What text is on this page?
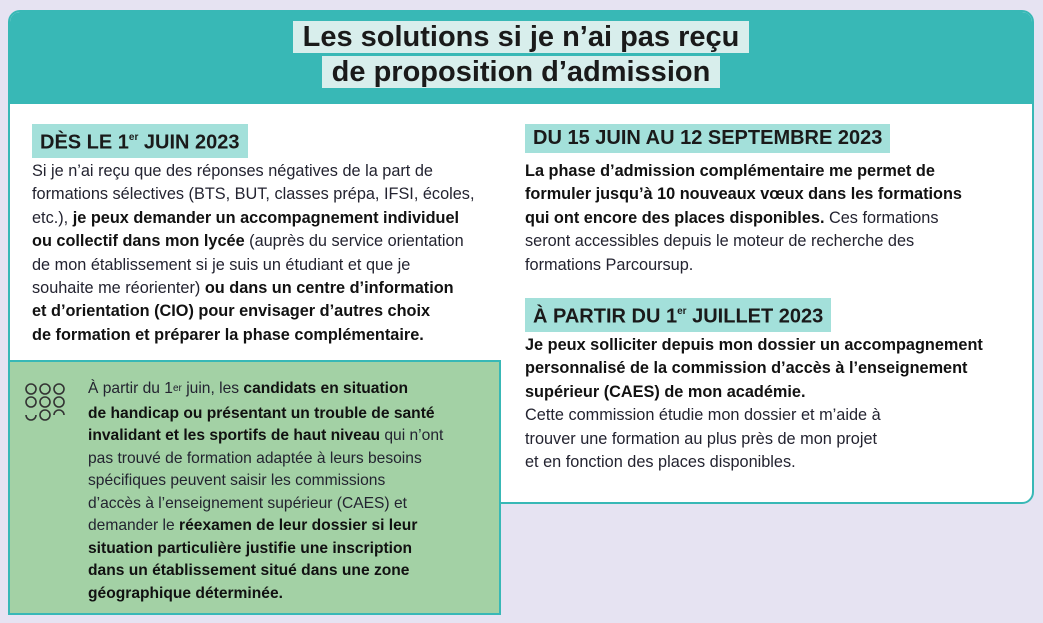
Les solutions si je n’ai pas reçu
de proposition d’admission
DÈS LE 1er JUIN 2023
Si je n’ai reçu que des réponses négatives de la part de
formations sélectives (BTS, BUT, classes prépa, IFSI, écoles,
etc.), je peux demander un accompagnement individuel
ou collectif dans mon lycée (auprès du service orientation
de mon établissement si je suis un étudiant et que je
souhaite me réorienter) ou dans un centre d’information
et d’orientation (CIO) pour envisager d’autres choix
de formation et préparer la phase complémentaire.
DU 15 JUIN AU 12 SEPTEMBRE 2023
La phase d’admission complémentaire me permet de
formuler jusqu’à 10 nouveaux vœux dans les formations
qui ont encore des places disponibles. Ces formations
seront accessibles depuis le moteur de recherche des
formations Parcoursup.
À PARTIR DU 1er JUILLET 2023
Je peux solliciter depuis mon dossier un accompagnement
personnalisé de la commission d’accès à l’enseignement
supérieur (CAES) de mon académie.
Cette commission étudie mon dossier et m’aide à
trouver une formation au plus près de mon projet
et en fonction des places disponibles.
À partir du 1er juin, les candidats en situation
de handicap ou présentant un trouble de santé
invalidant et les sportifs de haut niveau qui n’ont
pas trouvé de formation adaptée à leurs besoins
spécifiques peuvent saisir les commissions
d’accès à l’enseignement supérieur (CAES) et
demander le réexamen de leur dossier si leur
situation particulière justifie une inscription
dans un établissement situé dans une zone
géographique déterminée.
